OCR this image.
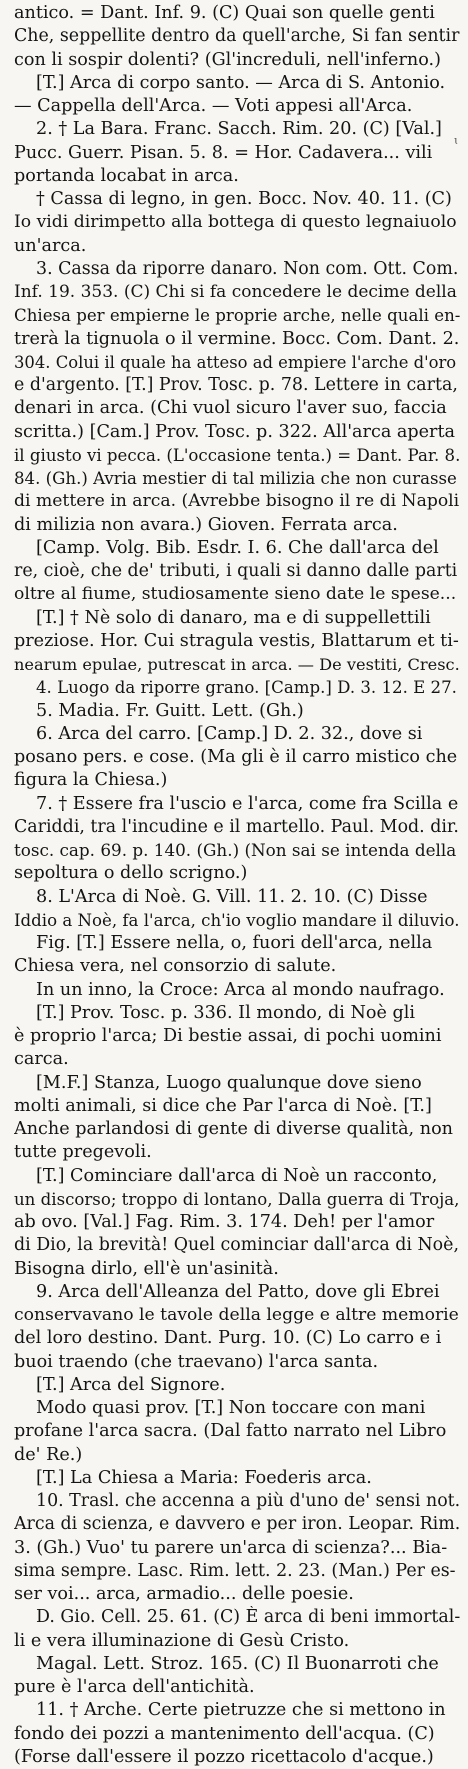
antico. = Dant. Inf. 9. (C) Quai son quelle genti
Che, seppellite dentro da quell'arche, Si fan sentir
con li sospir dolenti? (Gl'increduli, nell'inferno.)
[T.] Arca di corpo santo. — Arca di S. Antonio.
— Cappella dell'Arca. — Voti appesi all'Arca.
2. † La Bara. Franc. Sacch. Rim. 20. (C) [Val.]
Pucc. Guerr. Pisan. 5. 8. = Hor. Cadavera... vili
portanda locabat in arca.
† Cassa di legno, in gen. Bocc. Nov. 40. 11. (C)
Io vidi dirimpetto alla bottega di questo legnaiuolo
un'arca.
3. Cassa da riporre danaro. Non com. Ott. Com.
Inf. 19. 353. (C) Chi si fa concedere le decime della
Chiesa per empierne le proprie arche, nelle quali en-
trerà la tignuola o il vermine. Bocc. Com. Dant. 2.
304. Colui il quale ha atteso ad empiere l'arche d'oro
e d'argento. [T.] Prov. Tosc. p. 78. Lettere in carta,
denari in arca. (Chi vuol sicuro l'aver suo, faccia
scritta.) [Cam.] Prov. Tosc. p. 322. All'arca aperta
il giusto vi pecca. (L'occasione tenta.) = Dant. Par. 8.
84. (Gh.) Avria mestier di tal milizia che non curasse
di mettere in arca. (Avrebbe bisogno il re di Napoli
di milizia non avara.) Gioven. Ferrata arca.
[Camp. Volg. Bib. Esdr. I. 6. Che dall'arca del
re, cioè, che de' tributi, i quali si danno dalle parti
oltre al fiume, studiosamente sieno date le spese...
[T.] † Nè solo di danaro, ma e di suppellettili
preziose. Hor. Cui stragula vestis, Blattarum et ti-
nearum epulae, putrescat in arca. — De vestiti, Cresc.
4. Luogo da riporre grano. [Camp.] D. 3. 12. E 27.
5. Madia. Fr. Guitt. Lett. (Gh.)
6. Arca del carro. [Camp.] D. 2. 32., dove si
posano pers. e cose. (Ma gli è il carro mistico che
figura la Chiesa.)
7. † Essere fra l'uscio e l'arca, come fra Scilla e
Cariddi, tra l'incudine e il martello. Paul. Mod. dir.
tosc. cap. 69. p. 140. (Gh.) (Non sai se intenda della
sepoltura o dello scrigno.)
8. L'Arca di Noè. G. Vill. 11. 2. 10. (C) Disse
Iddio a Noè, fa l'arca, ch'io voglio mandare il diluvio.
Fig. [T.] Essere nella, o, fuori dell'arca, nella
Chiesa vera, nel consorzio di salute.
In un inno, la Croce: Arca al mondo naufrago.
[T.] Prov. Tosc. p. 336. Il mondo, di Noè gli
è proprio l'arca; Di bestie assai, di pochi uomini
carca.
[M.F.] Stanza, Luogo qualunque dove sieno
molti animali, si dice che Par l'arca di Noè. [T.]
Anche parlandosi di gente di diverse qualità, non
tutte pregevoli.
[T.] Cominciare dall'arca di Noè un racconto,
un discorso; troppo di lontano, Dalla guerra di Troja,
ab ovo. [Val.] Fag. Rim. 3. 174. Deh! per l'amor
di Dio, la brevità! Quel cominciar dall'arca di Noè,
Bisogna dirlo, ell'è un'asinità.
9. Arca dell'Alleanza del Patto, dove gli Ebrei
conservavano le tavole della legge e altre memorie
del loro destino. Dant. Purg. 10. (C) Lo carro e i
buoi traendo (che traevano) l'arca santa.
[T.] Arca del Signore.
Modo quasi prov. [T.] Non toccare con mani
profane l'arca sacra. (Dal fatto narrato nel Libro
de' Re.)
[T.] La Chiesa a Maria: Foederis arca.
10. Trasl. che accenna a più d'uno de' sensi not.
Arca di scienza, e davvero e per iron. Leopar. Rim.
3. (Gh.) Vuo' tu parere un'arca di scienza?... Bia-
sima sempre. Lasc. Rim. lett. 2. 23. (Man.) Per es-
ser voi... arca, armadio... delle poesie.
D. Gio. Cell. 25. 61. (C) È arca di beni immortal-
li e vera illuminazione di Gesù Cristo.
Magal. Lett. Stroz. 165. (C) Il Buonarroti che
pure è l'arca dell'antichità.
11. † Arche. Certe pietruzze che si mettono in
fondo dei pozzi a mantenimento dell'acqua. (C)
(Forse dall'essere il pozzo ricettacolo d'acque.)
ɩ
